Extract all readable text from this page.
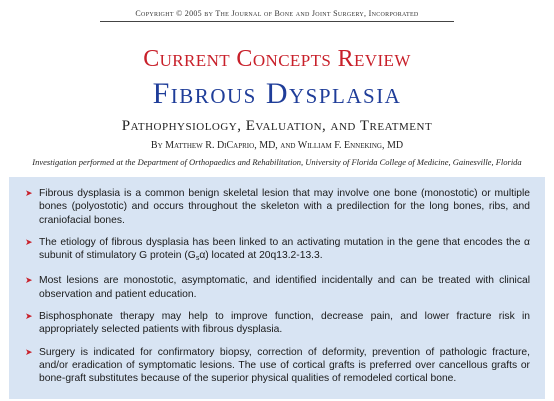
Copyright © 2005 by The Journal of Bone and Joint Surgery, Incorporated
Current Concepts Review
Fibrous Dysplasia
Pathophysiology, Evaluation, and Treatment
By Matthew R. DiCaprio, MD, and William F. Enneking, MD
Investigation performed at the Department of Orthopaedics and Rehabilitation, University of Florida College of Medicine, Gainesville, Florida
➤ Fibrous dysplasia is a common benign skeletal lesion that may involve one bone (monostotic) or multiple bones (polyostotic) and occurs throughout the skeleton with a predilection for the long bones, ribs, and craniofacial bones.
➤ The etiology of fibrous dysplasia has been linked to an activating mutation in the gene that encodes the α subunit of stimulatory G protein $(G_s\alpha)$ located at 20q13.2-13.3.
➤ Most lesions are monostotic, asymptomatic, and identified incidentally and can be treated with clinical observation and patient education.
➤ Bisphosphonate therapy may help to improve function, decrease pain, and lower fracture risk in appropriately selected patients with fibrous dysplasia.
➤ Surgery is indicated for confirmatory biopsy, correction of deformity, prevention of pathologic fracture, and/or eradication of symptomatic lesions. The use of cortical grafts is preferred over cancellous grafts or bone-graft substitutes because of the superior physical qualities of remodeled cortical bone.
